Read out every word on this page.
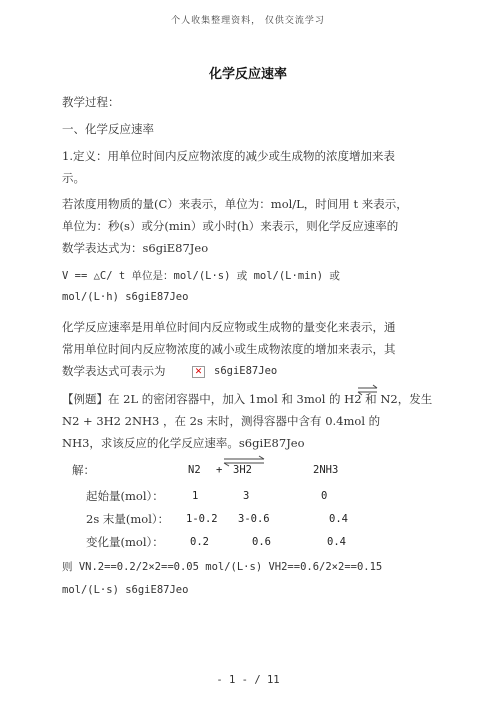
个人收集整理资料， 仅供交流学习
化学反应速率
教学过程：
一、化学反应速率
1.定义：用单位时间内反应物浓度的减少或生成物的浓度增加来表
示。
若浓度用物质的量(C）来表示，单位为：mol/L，时间用 t 来表示，
单位为：秒(s）或分(min）或小时(h）来表示，则化学反应速率的
数学表达式为：s6giE87Jeo
V == △C/ t 单位是：mol/(L·s) 或 mol/(L·min) 或
mol/(L·h) s6giE87Jeo
化学反应速率是用单位时间内反应物或生成物的量变化来表示，通
常用单位时间内反应物浓度的减小或生成物浓度的增加来表示，其
数学表达式可表示为	✕ s6giE87Jeo
【例题】在 2L 的密闭容器中，加入 1mol 和 3mol 的 H2 和 N2，发生
N2 + 3H2 2NH3 ，在 2s 末时，测得容器中含有 0.4mol 的
NH3，求该反应的化学反应速率。s6giE87Jeo
解：	N2 + 3H2	2NH3
起始量(mol）：	1	3	0
2s 末量(mol）： 1-0.2 3-0.6	0.4
变化量(mol）：	0.2	0.6	0.4
则 VN.2==0.2/2×2==0.05 mol/(L·s) VH2==0.6/2×2==0.15
mol/(L·s) s6giE87Jeo
- 1 - / 11
